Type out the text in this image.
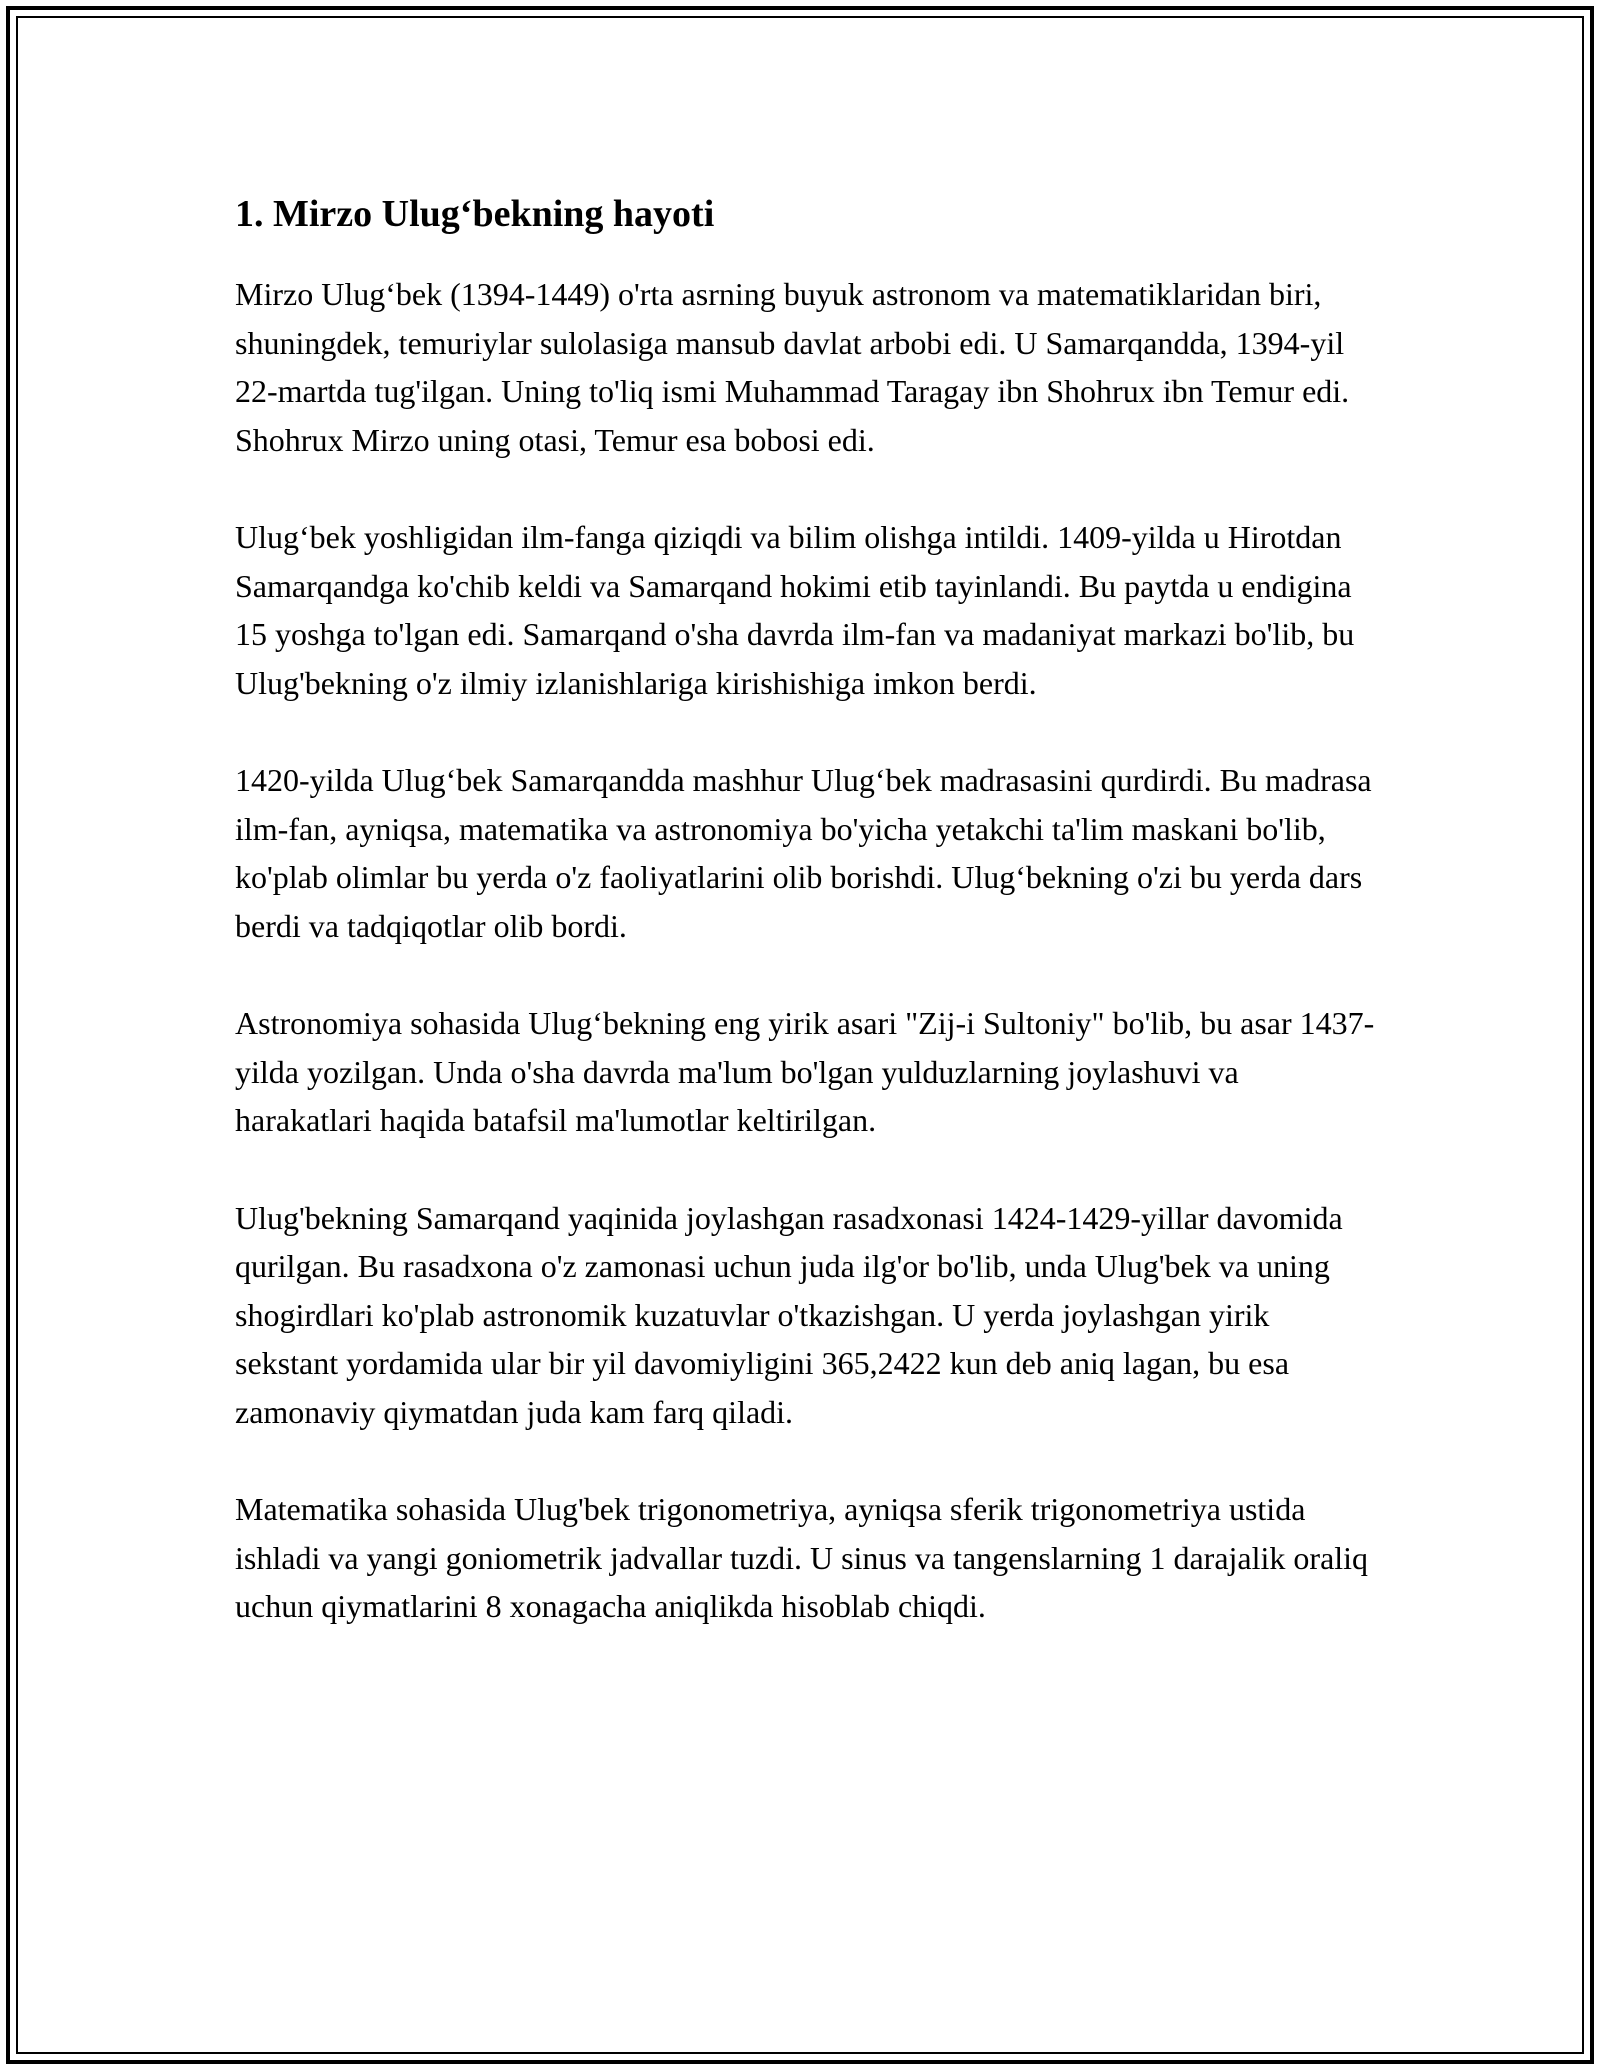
1. Mirzo Ulug‘bekning hayoti

Mirzo Ulug‘bek (1394-1449) o'rta asrning buyuk astronom va matematiklaridan biri, shuningdek, temuriylar sulolasiga mansub davlat arbobi edi. U Samarqandda, 1394-yil 22-martda tug'ilgan. Uning to'liq ismi Muhammad Taragay ibn Shohrux ibn Temur edi. Shohrux Mirzo uning otasi, Temur esa bobosi edi.

Ulug‘bek yoshligidan ilm-fanga qiziqdi va bilim olishga intildi. 1409-yilda u Hirotdan Samarqandga ko'chib keldi va Samarqand hokimi etib tayinlandi. Bu paytda u endigina 15 yoshga to'lgan edi. Samarqand o'sha davrda ilm-fan va madaniyat markazi bo'lib, bu Ulug'bekning o'z ilmiy izlanishlariga kirishishiga imkon berdi.

1420-yilda Ulug‘bek Samarqandda mashhur Ulug‘bek madrasasini qurdirdi. Bu madrasa ilm-fan, ayniqsa, matematika va astronomiya bo'yicha yetakchi ta'lim maskani bo'lib, ko'plab olimlar bu yerda o'z faoliyatlarini olib borishdi. Ulug‘bekning o'zi bu yerda dars berdi va tadqiqotlar olib bordi.

Astronomiya sohasida Ulug‘bekning eng yirik asari "Zij-i Sultoniy" bo'lib, bu asar 1437-yilda yozilgan. Unda o'sha davrda ma'lum bo'lgan yulduzlarning joylashuvi va harakatlari haqida batafsil ma'lumotlar keltirilgan.

Ulug'bekning Samarqand yaqinida joylashgan rasadxonasi 1424-1429-yillar davomida qurilgan. Bu rasadxona o'z zamonasi uchun juda ilg'or bo'lib, unda Ulug'bek va uning shogirdlari ko'plab astronomik kuzatuvlar o'tkazishgan. U yerda joylashgan yirik sekstant yordamida ular bir yil davomiyligini 365,2422 kun deb aniq lagan, bu esa zamonaviy qiymatdan juda kam farq qiladi.

Matematika sohasida Ulug'bek trigonometriya, ayniqsa sferik trigonometriya ustida ishladi va yangi goniometrik jadvallar tuzdi. U sinus va tangenslarning 1 darajalik oraliq uchun qiymatlarini 8 xonagacha aniqlikda hisoblab chiqdi.
